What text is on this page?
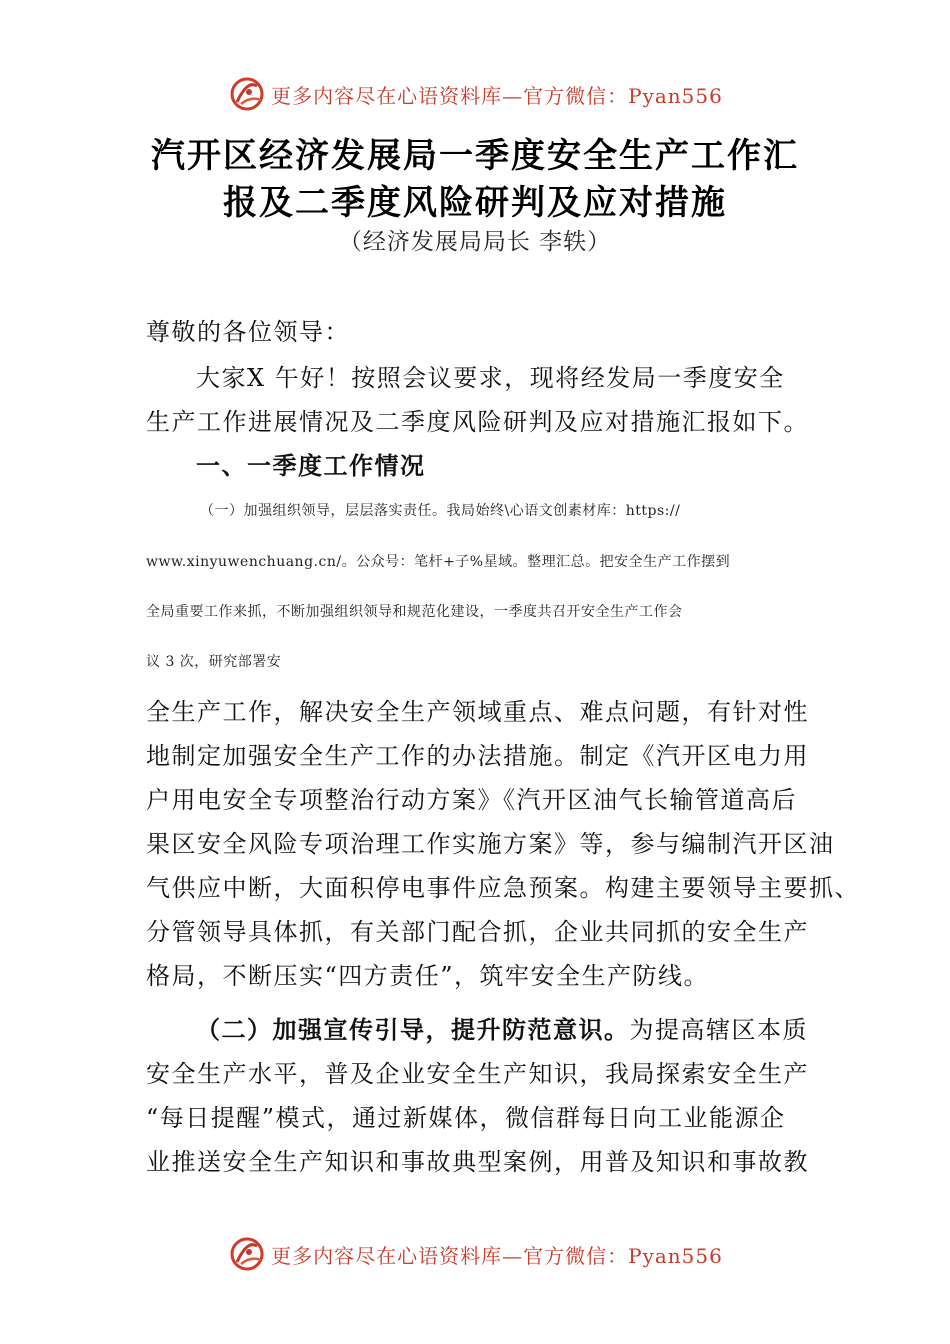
更多内容尽在心语资料库—官方微信：Pyan556
汽开区经济发展局一季度安全生产工作汇
报及二季度风险研判及应对措施
（经济发展局局长 李轶）
尊敬的各位领导：
大家X 午好！按照会议要求，现将经发局一季度安全
生产工作进展情况及二季度风险研判及应对措施汇报如下。
一、一季度工作情况
（一）加强组织领导，层层落实责任。我局始终\心语文创素材库：https://
www.xinyuwenchuang.cn/。公众号：笔杆+子%星域。整理汇总。把安全生产工作摆到
全局重要工作来抓，不断加强组织领导和规范化建设，一季度共召开安全生产工作会
议 3 次，研究部署安
全生产工作，解决安全生产领域重点、难点问题，有针对性
地制定加强安全生产工作的办法措施。制定《汽开区电力用
户用电安全专项整治行动方案》《汽开区油气长输管道高后
果区安全风险专项治理工作实施方案》等，参与编制汽开区油
气供应中断，大面积停电事件应急预案。构建主要领导主要抓、
分管领导具体抓，有关部门配合抓，企业共同抓的安全生产
格局，不断压实“四方责任”，筑牢安全生产防线。
（二）加强宣传引导，提升防范意识。为提高辖区本质
安全生产水平，普及企业安全生产知识，我局探索安全生产
“每日提醒”模式，通过新媒体，微信群每日向工业能源企
业推送安全生产知识和事故典型案例，用普及知识和事故教
更多内容尽在心语资料库—官方微信：Pyan556
